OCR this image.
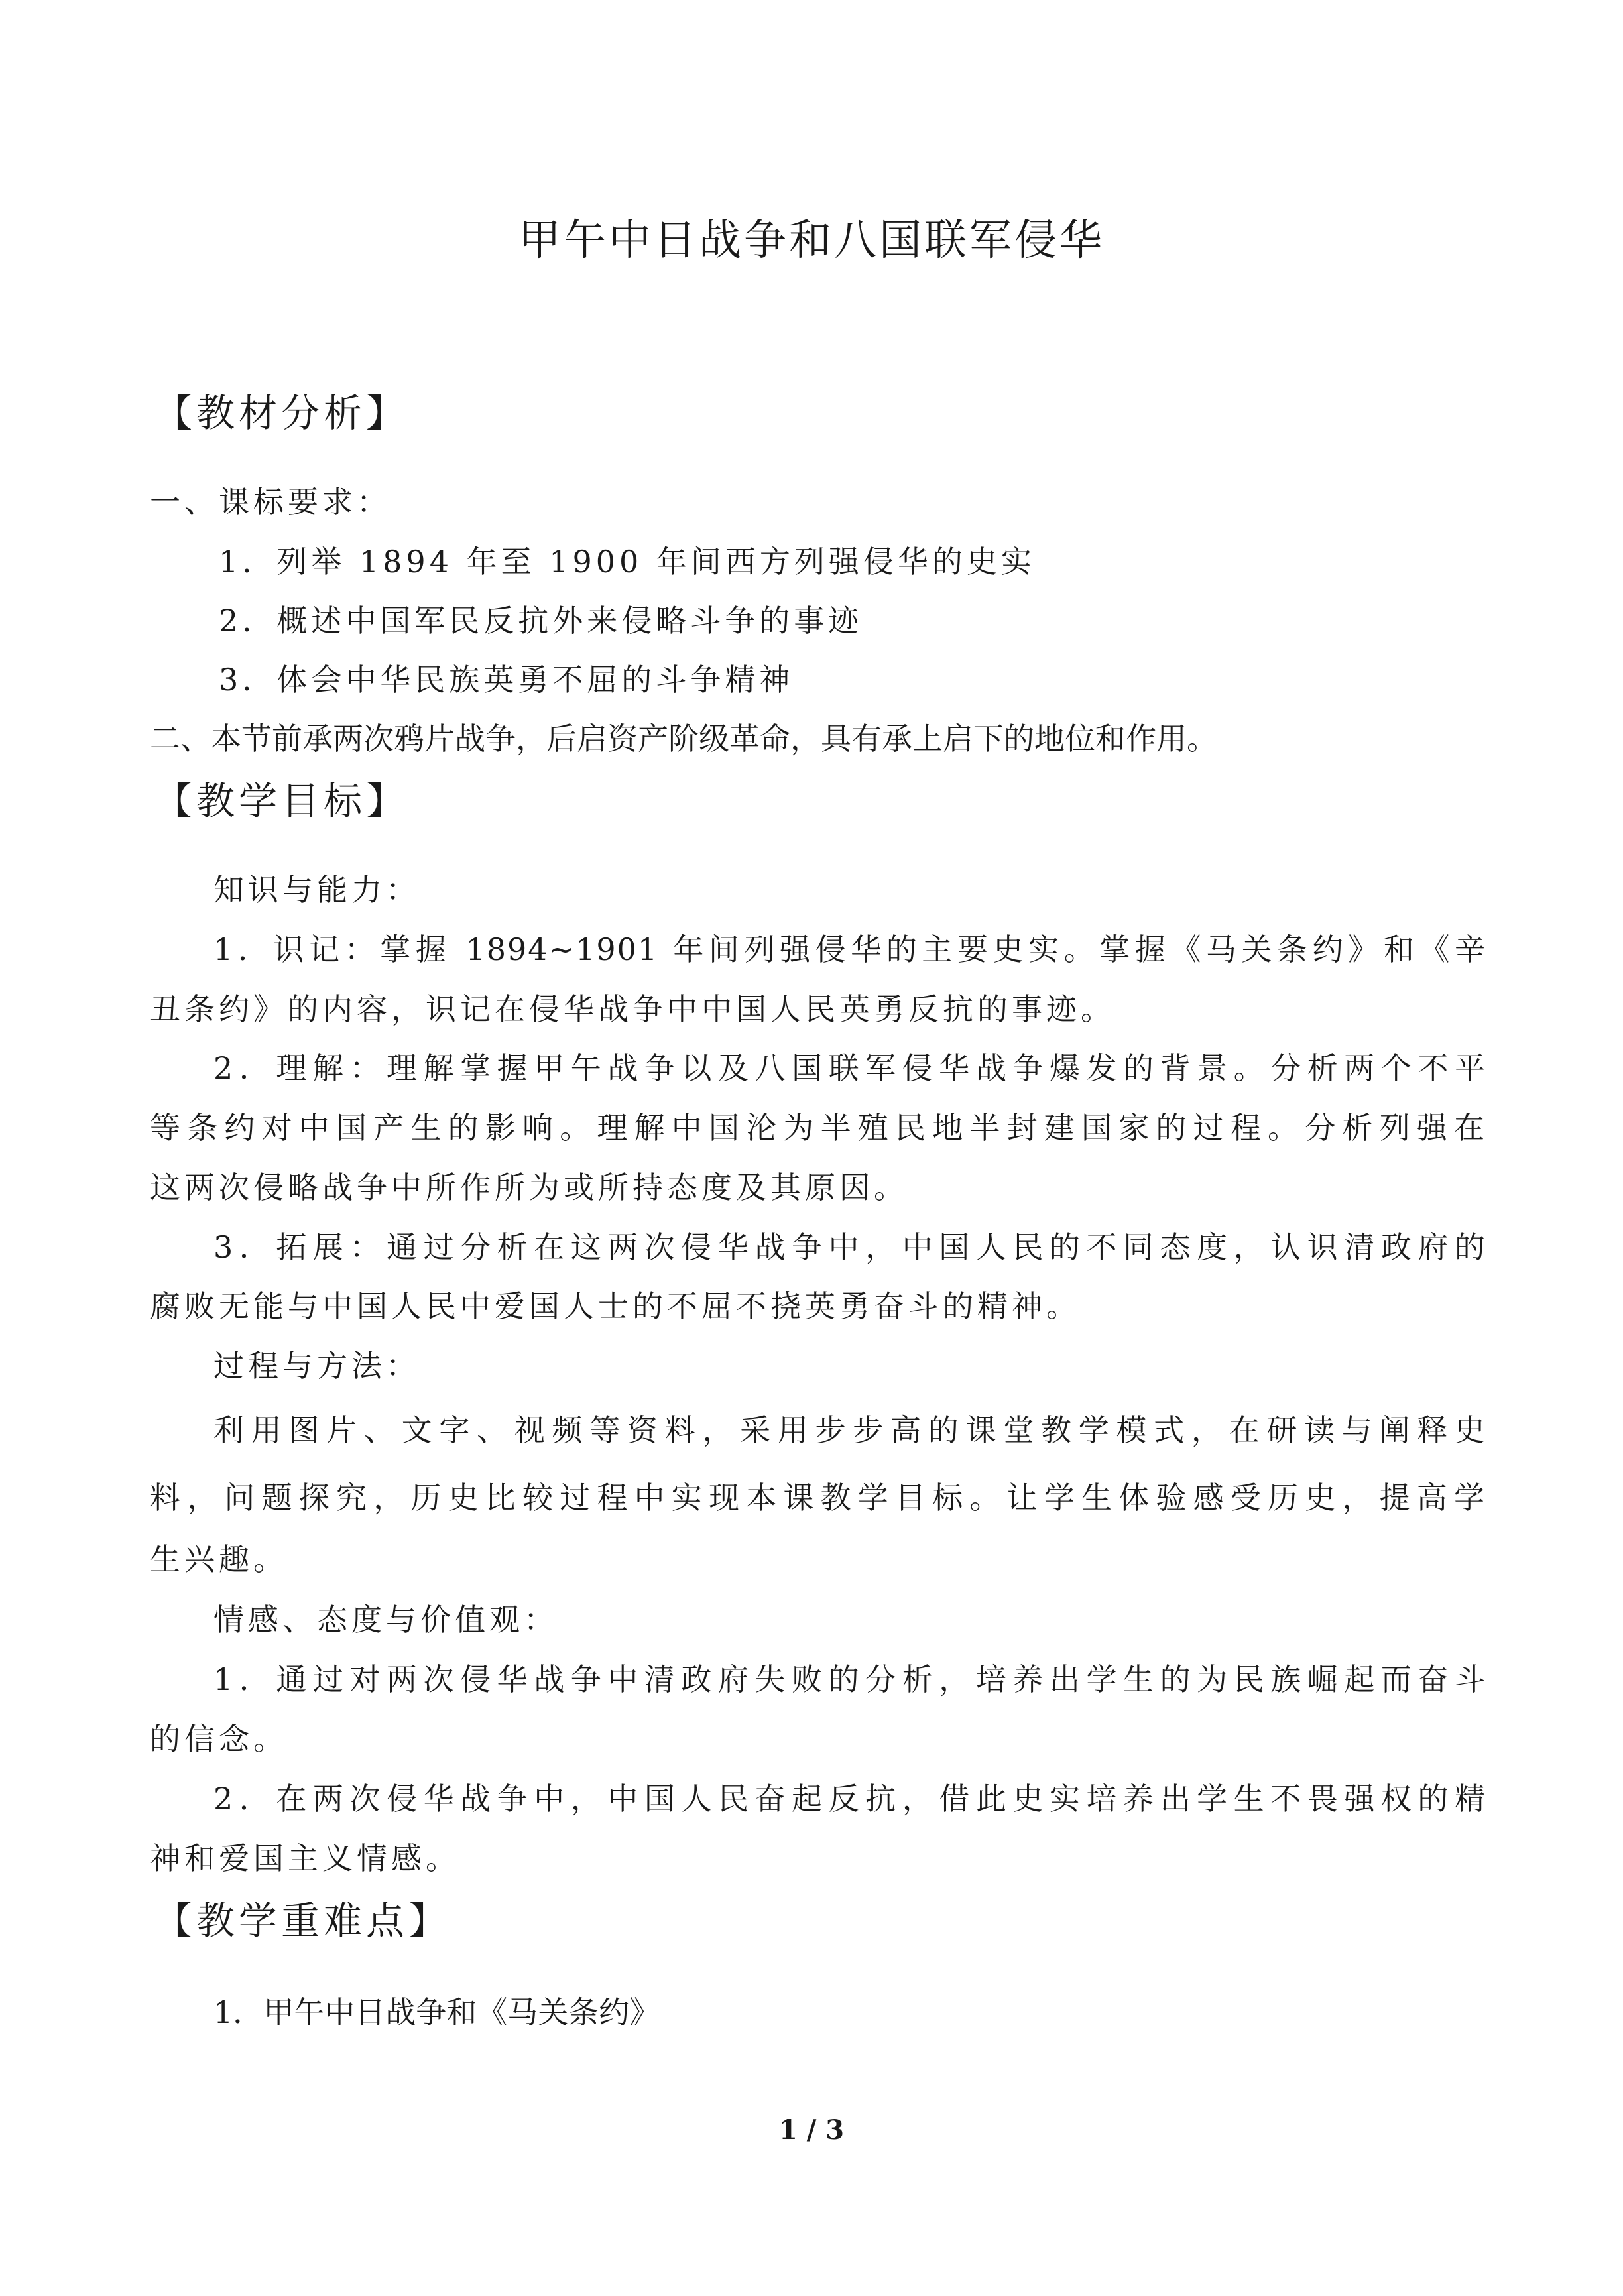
甲午中日战争和八国联军侵华
【教材分析】
一、课标要求：
1．列举 1894 年至 1900 年间西方列强侵华的史实
2．概述中国军民反抗外来侵略斗争的事迹
3．体会中华民族英勇不屈的斗争精神
二、本节前承两次鸦片战争，后启资产阶级革命，具有承上启下的地位和作用。
【教学目标】
知识与能力：
1．识记：掌握 1894~1901 年间列强侵华的主要史实。掌握《马关条约》和《辛
丑条约》的内容，识记在侵华战争中中国人民英勇反抗的事迹。
2．理解：理解掌握甲午战争以及八国联军侵华战争爆发的背景。分析两个不平
等条约对中国产生的影响。理解中国沦为半殖民地半封建国家的过程。分析列强在
这两次侵略战争中所作所为或所持态度及其原因。
3．拓展：通过分析在这两次侵华战争中，中国人民的不同态度，认识清政府的
腐败无能与中国人民中爱国人士的不屈不挠英勇奋斗的精神。
过程与方法：
利用图片、文字、视频等资料，采用步步高的课堂教学模式，在研读与阐释史
料，问题探究，历史比较过程中实现本课教学目标。让学生体验感受历史，提高学
生兴趣。
情感、态度与价值观：
1．通过对两次侵华战争中清政府失败的分析，培养出学生的为民族崛起而奋斗
的信念。
2．在两次侵华战争中，中国人民奋起反抗，借此史实培养出学生不畏强权的精
神和爱国主义情感。
【教学重难点】
1．甲午中日战争和《马关条约》
1 / 3
